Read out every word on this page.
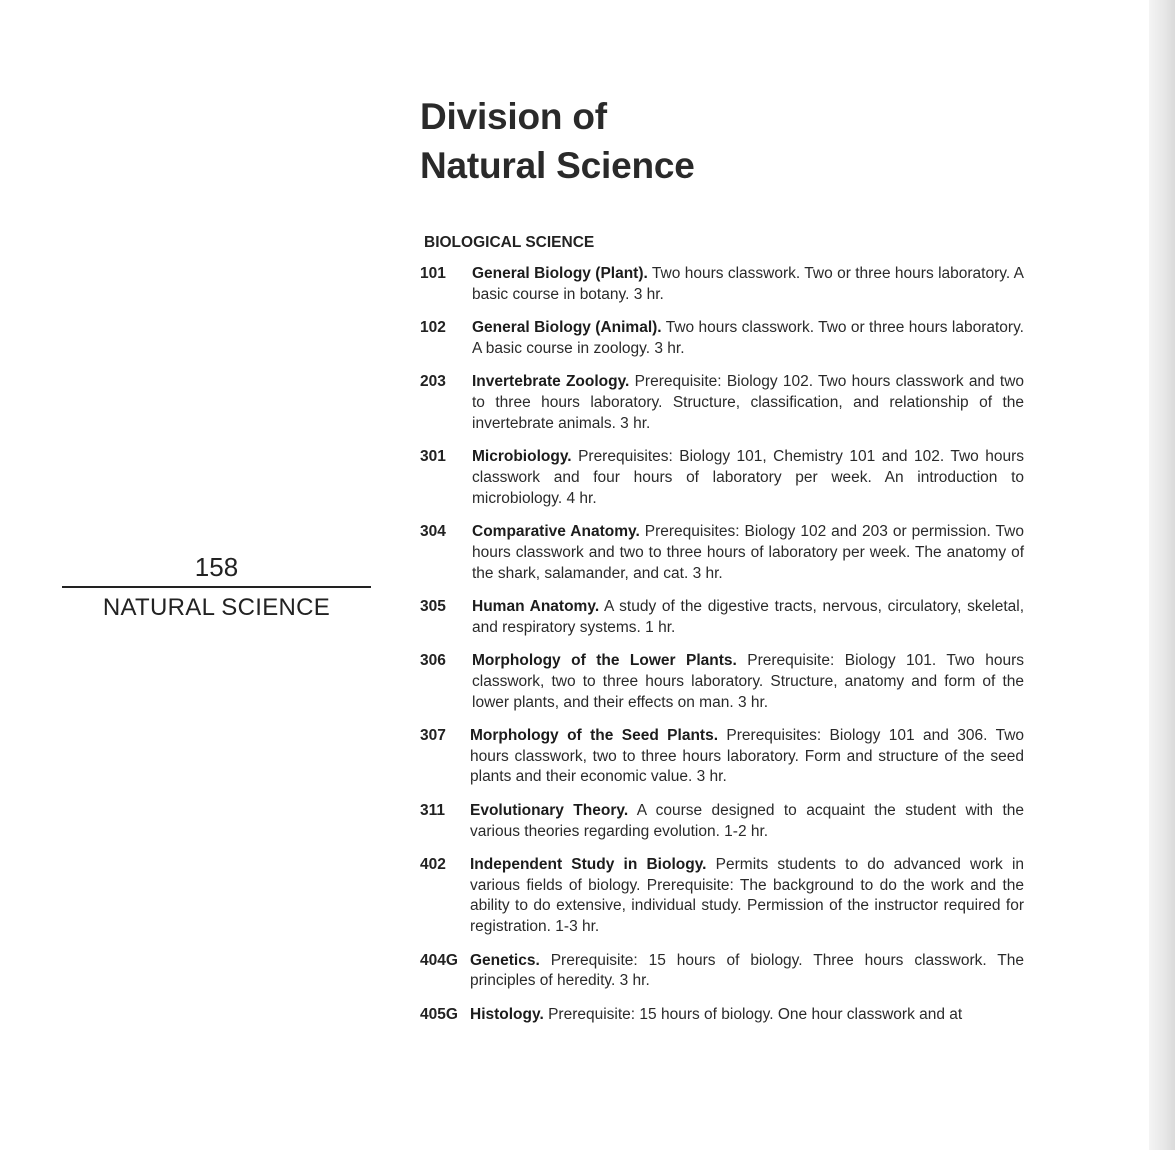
158
NATURAL SCIENCE
Division of
Natural Science
BIOLOGICAL SCIENCE
101	General Biology (Plant). Two hours classwork. Two or three hours laboratory. A basic course in botany. 3 hr.
102	General Biology (Animal). Two hours classwork. Two or three hours laboratory. A basic course in zoology. 3 hr.
203	Invertebrate Zoology. Prerequisite: Biology 102. Two hours classwork and two to three hours laboratory. Structure, classification, and relationship of the invertebrate animals. 3 hr.
301	Microbiology. Prerequisites: Biology 101, Chemistry 101 and 102. Two hours classwork and four hours of laboratory per week. An introduction to microbiology. 4 hr.
304	Comparative Anatomy. Prerequisites: Biology 102 and 203 or permission. Two hours classwork and two to three hours of laboratory per week. The anatomy of the shark, salamander, and cat. 3 hr.
305	Human Anatomy. A study of the digestive tracts, nervous, circulatory, skeletal, and respiratory systems. 1 hr.
306	Morphology of the Lower Plants. Prerequisite: Biology 101. Two hours classwork, two to three hours laboratory. Structure, anatomy and form of the lower plants, and their effects on man. 3 hr.
307	Morphology of the Seed Plants. Prerequisites: Biology 101 and 306. Two hours classwork, two to three hours laboratory. Form and structure of the seed plants and their economic value. 3 hr.
311	Evolutionary Theory. A course designed to acquaint the student with the various theories regarding evolution. 1-2 hr.
402	Independent Study in Biology. Permits students to do advanced work in various fields of biology. Prerequisite: The background to do the work and the ability to do extensive, individual study. Permission of the instructor required for registration. 1-3 hr.
404G Genetics. Prerequisite: 15 hours of biology. Three hours classwork. The principles of heredity. 3 hr.
405G Histology. Prerequisite: 15 hours of biology. One hour classwork and at
